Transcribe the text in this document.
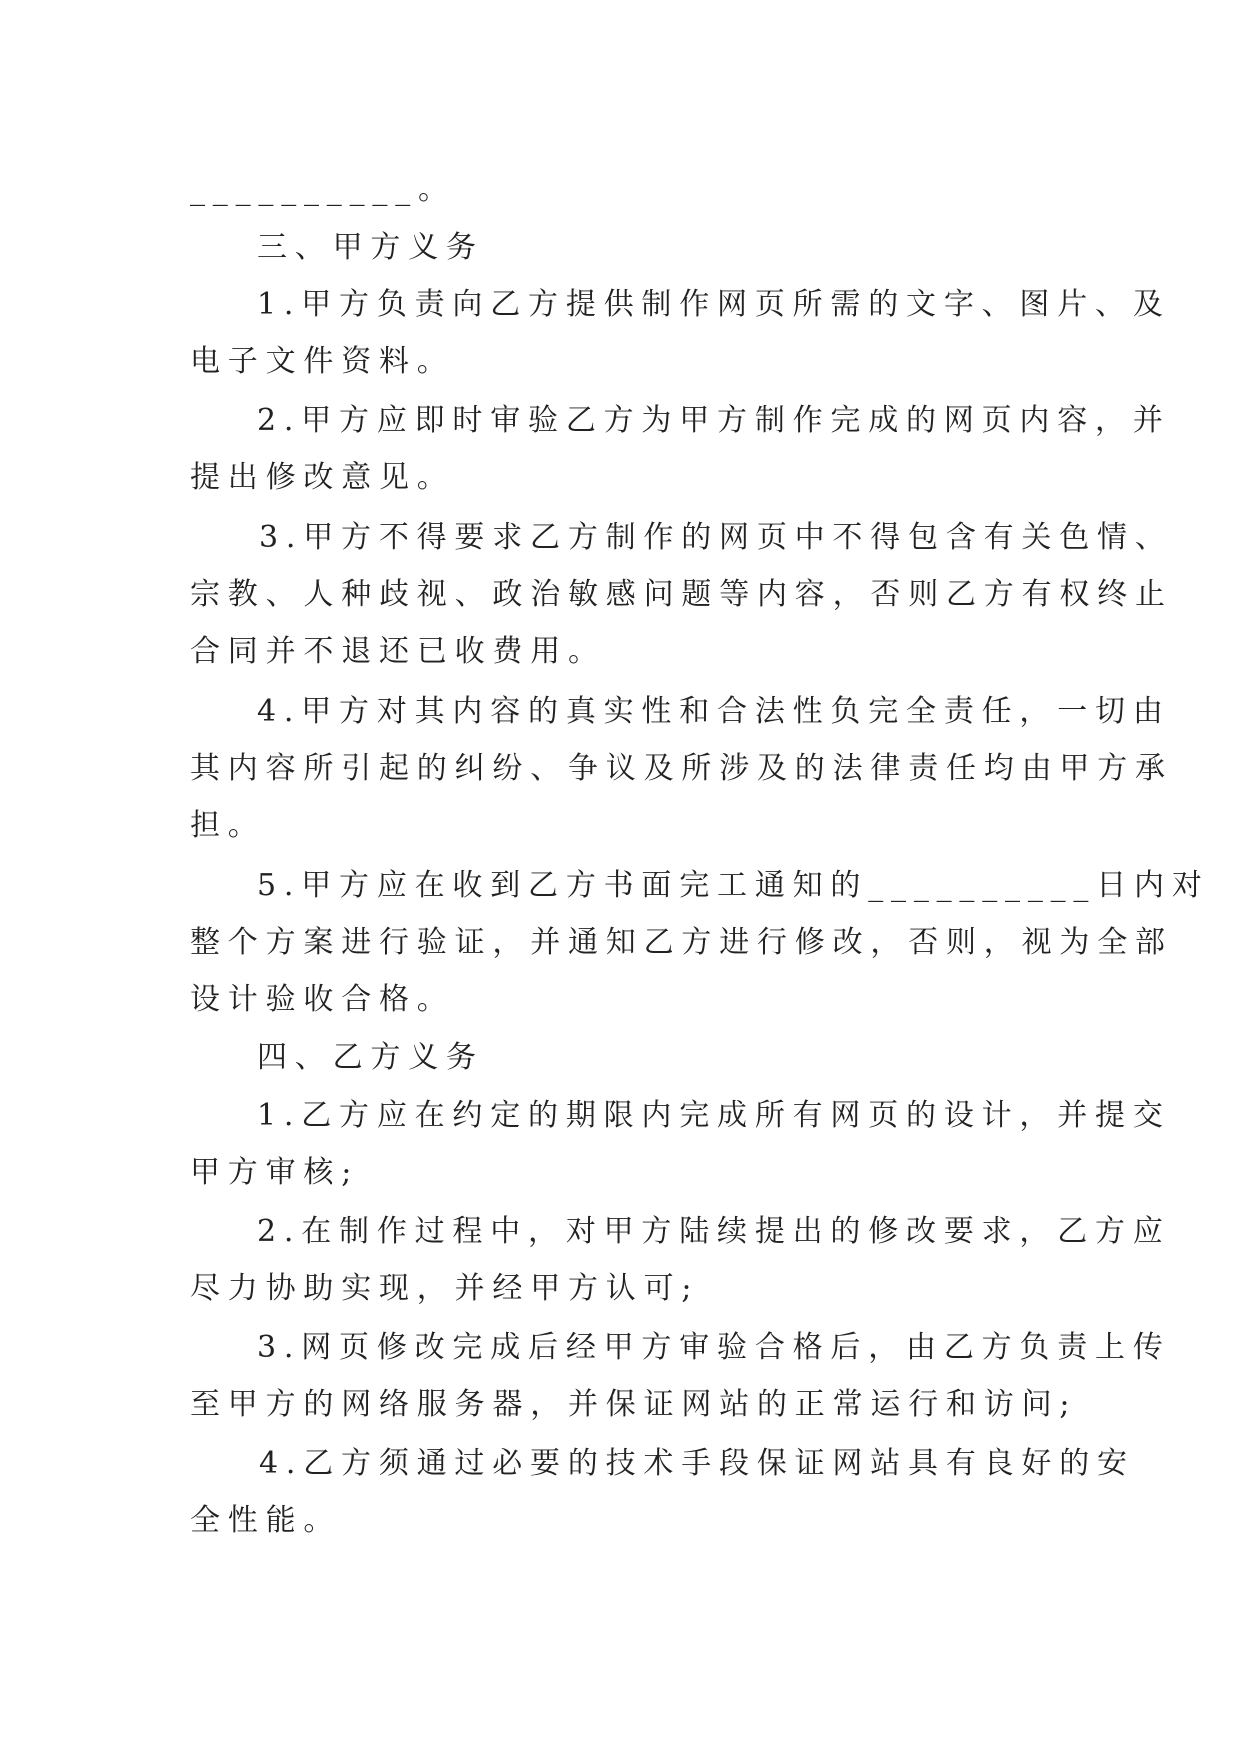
__________。
三、甲方义务
1.甲方负责向乙方提供制作网页所需的文字、图片、及
电子文件资料。
2.甲方应即时审验乙方为甲方制作完成的网页内容，并
提出修改意见。
3.甲方不得要求乙方制作的网页中不得包含有关色情、
宗教、人种歧视、政治敏感问题等内容，否则乙方有权终止
合同并不退还已收费用。
4.甲方对其内容的真实性和合法性负完全责任，一切由
其内容所引起的纠纷、争议及所涉及的法律责任均由甲方承
担。
5.甲方应在收到乙方书面完工通知的__________日内对
整个方案进行验证，并通知乙方进行修改，否则，视为全部
设计验收合格。
四、乙方义务
1.乙方应在约定的期限内完成所有网页的设计，并提交
甲方审核;
2.在制作过程中，对甲方陆续提出的修改要求，乙方应
尽力协助实现，并经甲方认可;
3.网页修改完成后经甲方审验合格后，由乙方负责上传
至甲方的网络服务器，并保证网站的正常运行和访问;
4.乙方须通过必要的技术手段保证网站具有良好的安
全性能。
